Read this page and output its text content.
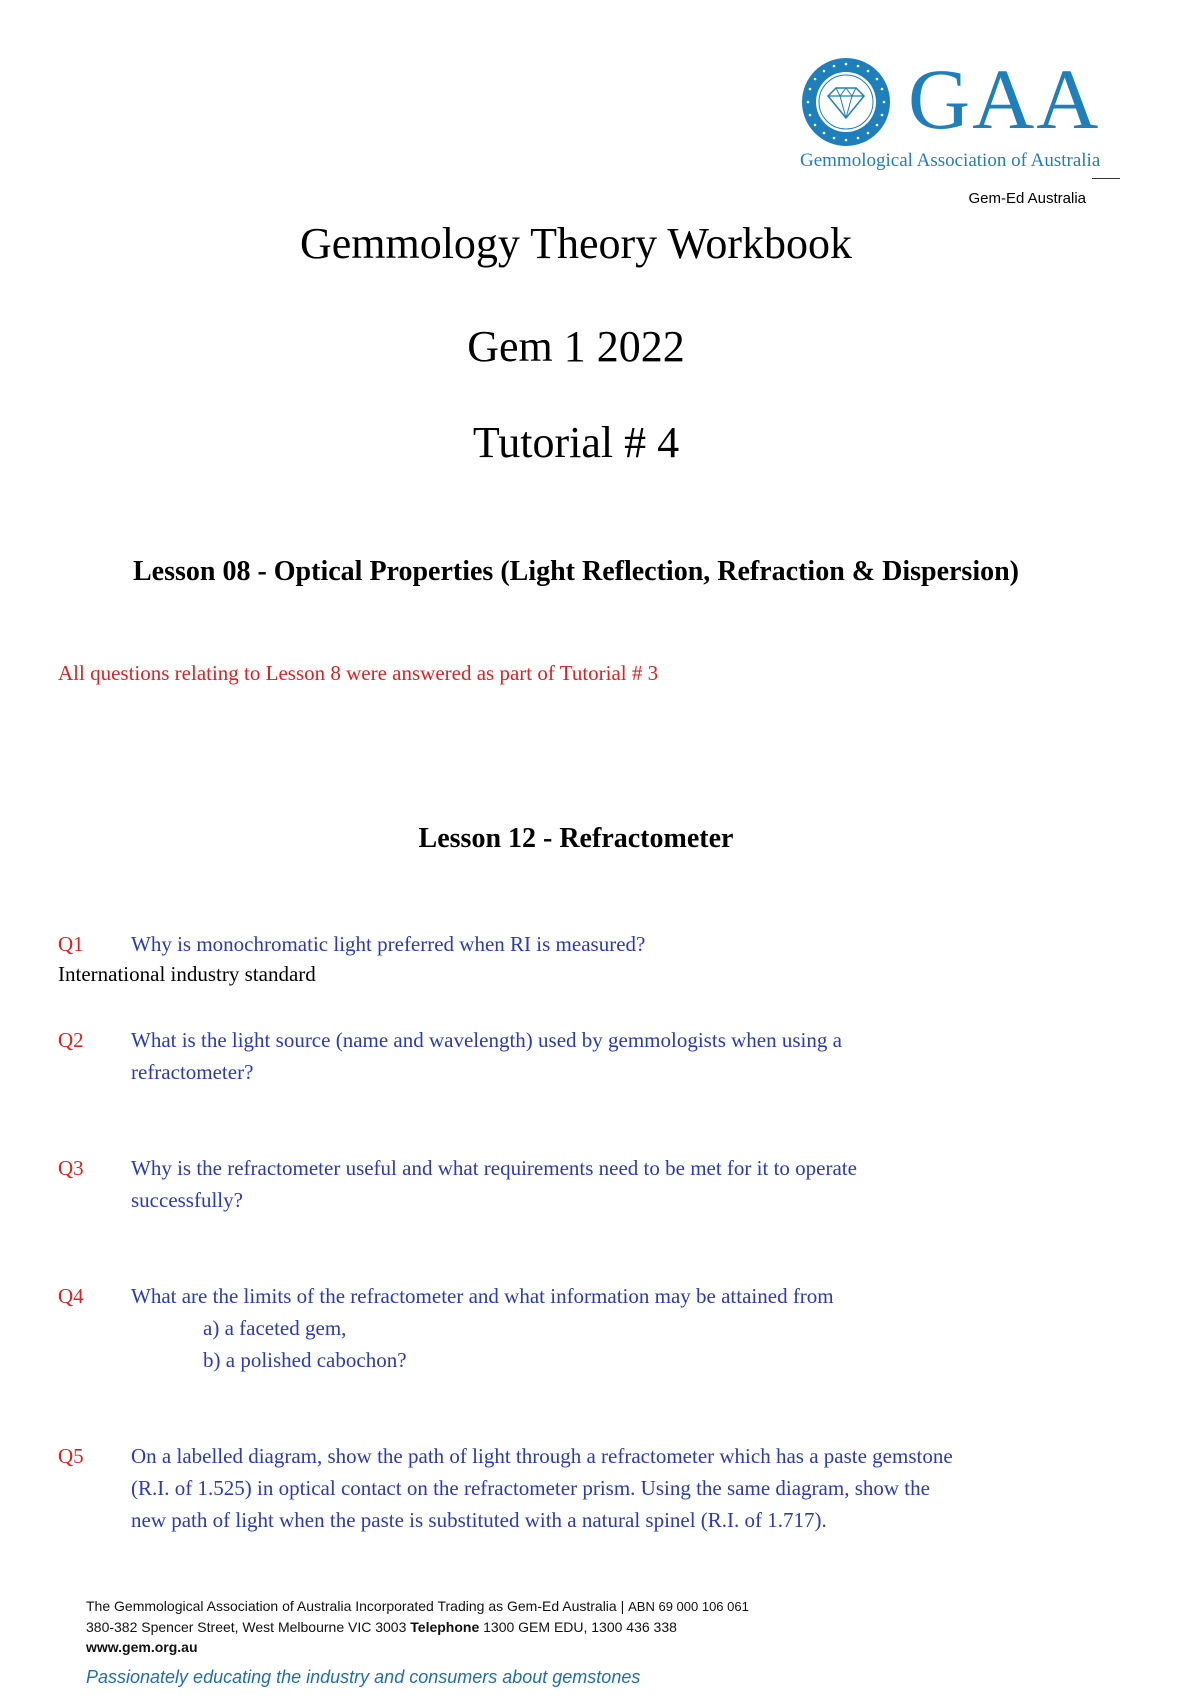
GAA
Gemmological Association of Australia
Gem-Ed Australia
Gemmology Theory Workbook
Gem 1 2022
Tutorial # 4
Lesson 08 - Optical Properties (Light Reflection, Refraction & Dispersion)
All questions relating to Lesson 8 were answered as part of Tutorial # 3
Lesson 12 - Refractometer
Q1 Why is monochromatic light preferred when RI is measured?
International industry standard
Q2 What is the light source (name and wavelength) used by gemmologists when using a
refractometer?
Q3 Why is the refractometer useful and what requirements need to be met for it to operate
successfully?
Q4 What are the limits of the refractometer and what information may be attained from
a) a faceted gem,
b) a polished cabochon?
Q5 On a labelled diagram, show the path of light through a refractometer which has a paste gemstone
(R.I. of 1.525) in optical contact on the refractometer prism. Using the same diagram, show the
new path of light when the paste is substituted with a natural spinel (R.I. of 1.717).
The Gemmological Association of Australia Incorporated Trading as Gem-Ed Australia | ABN 69 000 106 061
380-382 Spencer Street, West Melbourne VIC 3003 Telephone 1300 GEM EDU, 1300 436 338
www.gem.org.au
Passionately educating the industry and consumers about gemstones
